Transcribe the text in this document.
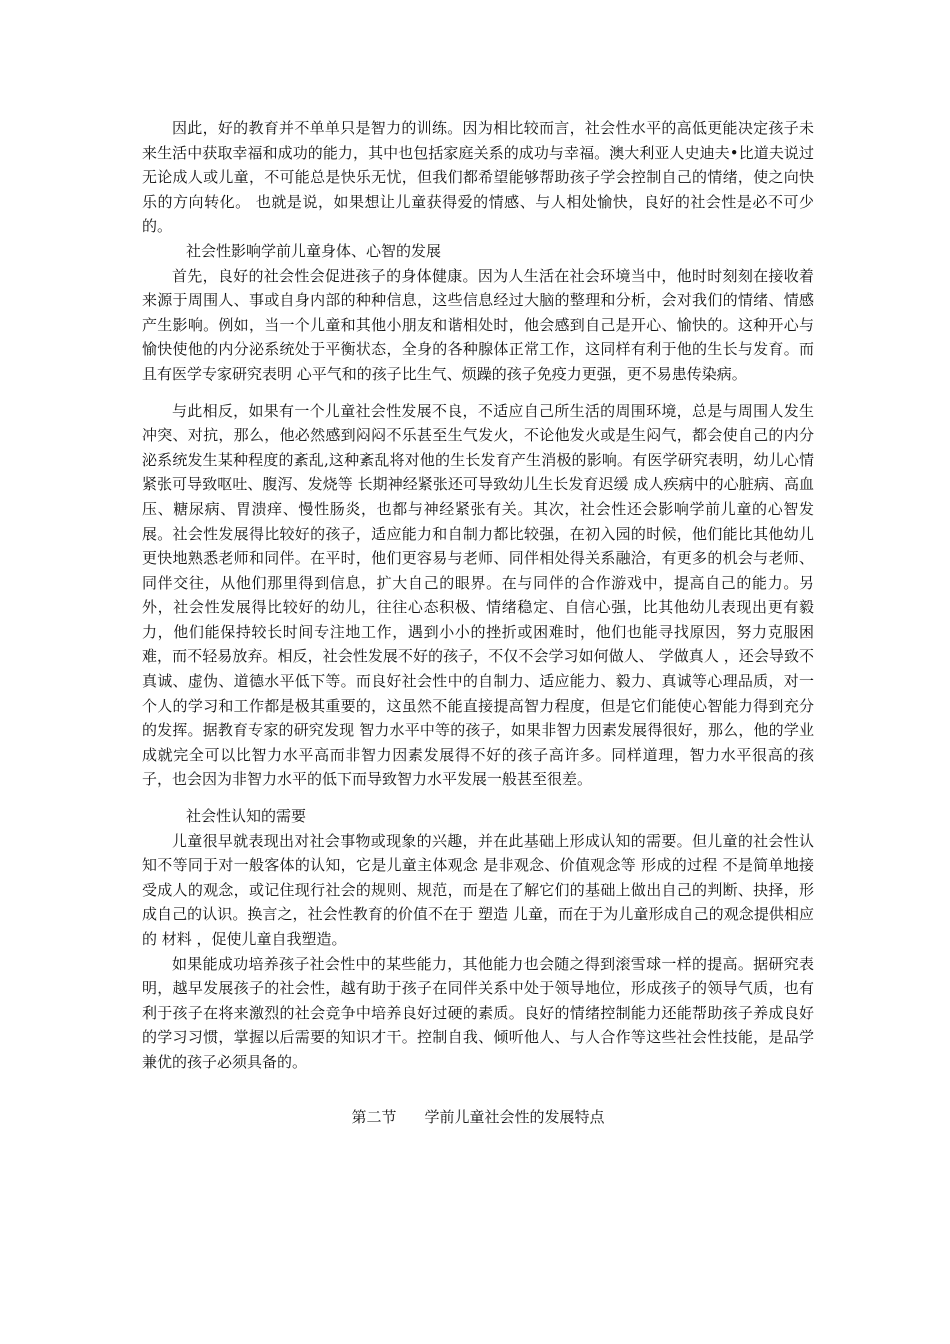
因此，好的教育并不单单只是智力的训练。因为相比较而言，社会性水平的高低更能决定孩子未来生活中获取幸福和成功的能力，其中也包括家庭关系的成功与幸福。澳大利亚人史迪夫•比道夫说过 无论成人或儿童，不可能总是快乐无忧，但我们都希望能够帮助孩子学会控制自己的情绪，使之向快乐的方向转化。 也就是说，如果想让儿童获得爱的情感、与人相处愉快，良好的社会性是必不可少的。

社会性影响学前儿童身体、心智的发展

首先，良好的社会性会促进孩子的身体健康。因为人生活在社会环境当中，他时时刻刻在接收着来源于周围人、事或自身内部的种种信息，这些信息经过大脑的整理和分析，会对我们的情绪、情感产生影响。例如，当一个儿童和其他小朋友和谐相处时，他会感到自己是开心、愉快的。这种开心与愉快使他的内分泌系统处于平衡状态，全身的各种腺体正常工作，这同样有利于他的生长与发育。而且有医学专家研究表明 心平气和的孩子比生气、烦躁的孩子免疫力更强，更不易患传染病。

与此相反，如果有一个儿童社会性发展不良，不适应自己所生活的周围环境，总是与周围人发生冲突、对抗，那么，他必然感到闷闷不乐甚至生气发火，不论他发火或是生闷气，都会使自己的内分泌系统发生某种程度的紊乱,这种紊乱将对他的生长发育产生消极的影响。有医学研究表明，幼儿心情紧张可导致呕吐、腹泻、发烧等 长期神经紧张还可导致幼儿生长发育迟缓 成人疾病中的心脏病、高血压、糖尿病、胃溃痒、慢性肠炎，也都与神经紧张有关。其次，社会性还会影响学前儿童的心智发展。社会性发展得比较好的孩子，适应能力和自制力都比较强，在初入园的时候，他们能比其他幼儿更快地熟悉老师和同伴。在平时，他们更容易与老师、同伴相处得关系融洽，有更多的机会与老师、同伴交往，从他们那里得到信息，扩大自己的眼界。在与同伴的合作游戏中，提高自己的能力。另外，社会性发展得比较好的幼儿，往往心态积极、情绪稳定、自信心强，比其他幼儿表现出更有毅力，他们能保持较长时间专注地工作，遇到小小的挫折或困难时，他们也能寻找原因，努力克服困难，而不轻易放弃。相反，社会性发展不好的孩子，不仅不会学习如何做人、 学做真人 ，还会导致不真诚、虚伪、道德水平低下等。而良好社会性中的自制力、适应能力、毅力、真诚等心理品质，对一个人的学习和工作都是极其重要的，这虽然不能直接提高智力程度，但是它们能使心智能力得到充分的发挥。据教育专家的研究发现 智力水平中等的孩子，如果非智力因素发展得很好，那么，他的学业成就完全可以比智力水平高而非智力因素发展得不好的孩子高许多。同样道理，智力水平很高的孩子，也会因为非智力水平的低下而导致智力水平发展一般甚至很差。

社会性认知的需要

儿童很早就表现出对社会事物或现象的兴趣，并在此基础上形成认知的需要。但儿童的社会性认知不等同于对一般客体的认知，它是儿童主体观念 是非观念、价值观念等 形成的过程 不是简单地接受成人的观念，或记住现行社会的规则、规范，而是在了解它们的基础上做出自己的判断、抉择，形成自己的认识。换言之，社会性教育的价值不在于 塑造 儿童，而在于为儿童形成自己的观念提供相应的 材料 ，促使儿童自我塑造。

如果能成功培养孩子社会性中的某些能力，其他能力也会随之得到滚雪球一样的提高。据研究表明，越早发展孩子的社会性，越有助于孩子在同伴关系中处于领导地位，形成孩子的领导气质，也有利于孩子在将来激烈的社会竞争中培养良好过硬的素质。良好的情绪控制能力还能帮助孩子养成良好的学习习惯，掌握以后需要的知识才干。控制自我、倾听他人、与人合作等这些社会性技能，是品学兼优的孩子必须具备的。

第二节 学前儿童社会性的发展特点
